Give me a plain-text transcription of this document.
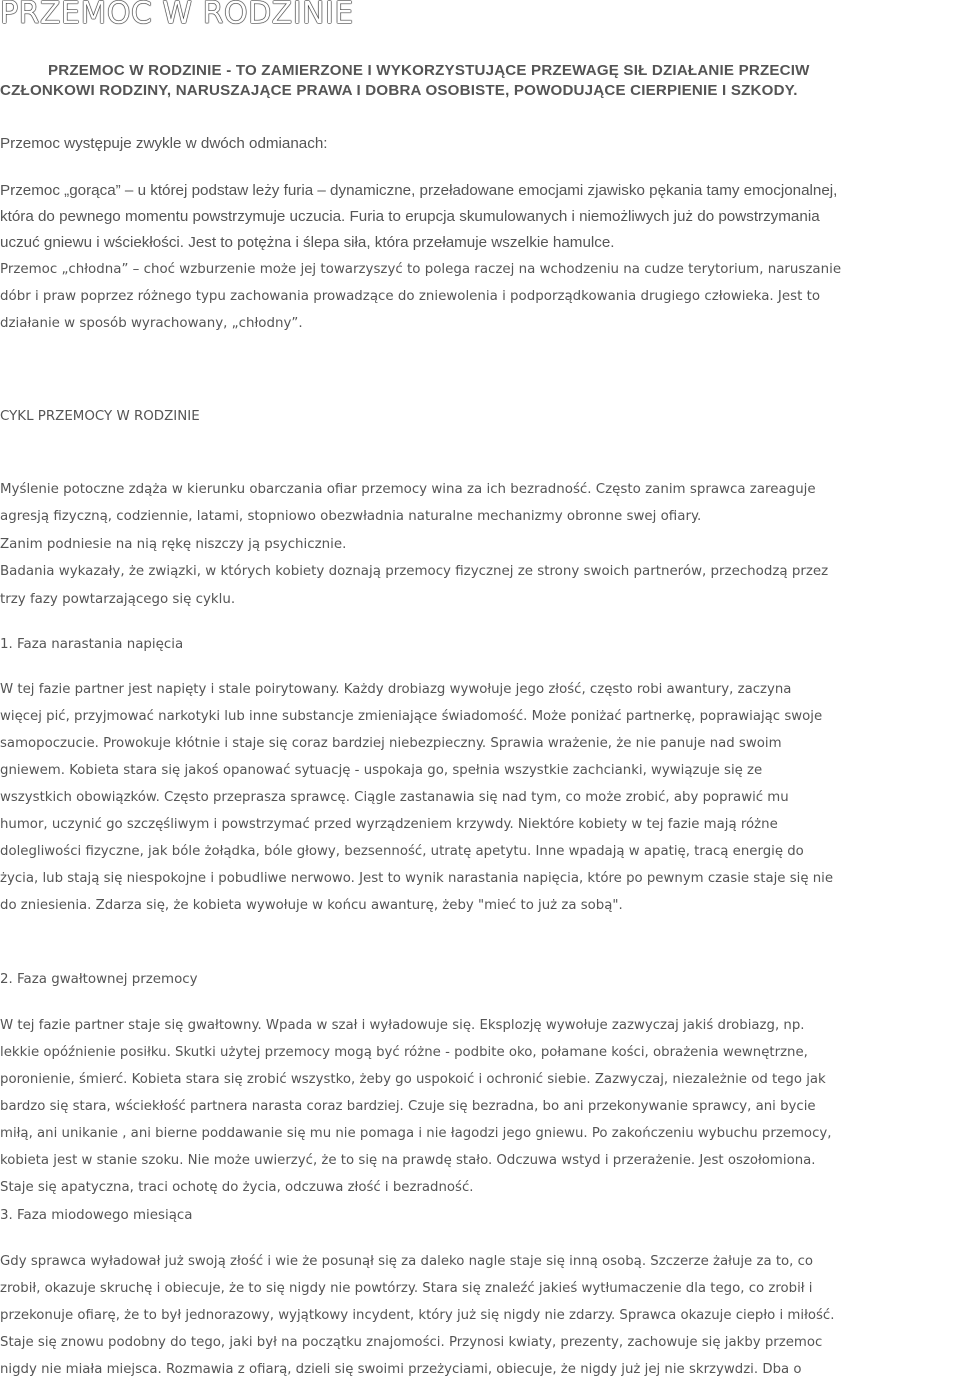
PRZEMOC W RODZINIE
PRZEMOC W RODZINIE - TO ZAMIERZONE I WYKORZYSTUJĄCE PRZEWAGĘ SIŁ DZIAŁANIE PRZECIW
CZŁONKOWI RODZINY, NARUSZAJĄCE PRAWA I DOBRA OSOBISTE, POWODUJĄCE CIERPIENIE I SZKODY.
Przemoc występuje zwykle w dwóch odmianach:
Przemoc „gorąca” – u której podstaw leży furia – dynamiczne, przeładowane emocjami zjawisko pękania tamy emocjonalnej,
która do pewnego momentu powstrzymuje uczucia. Furia to erupcja skumulowanych i niemożliwych już do powstrzymania
uczuć gniewu i wściekłości. Jest to potężna i ślepa siła, która przełamuje wszelkie hamulce.
Przemoc „chłodna” – choć wzburzenie może jej towarzyszyć to polega raczej na wchodzeniu na cudze terytorium, naruszanie
dóbr i praw poprzez różnego typu zachowania prowadzące do zniewolenia i podporządkowania drugiego człowieka. Jest to
działanie w sposób wyrachowany, „chłodny”.
CYKL PRZEMOCY W RODZINIE
Myślenie potoczne zdąża w kierunku obarczania ofiar przemocy wina za ich bezradność. Często zanim sprawca zareaguje
agresją fizyczną, codziennie, latami, stopniowo obezwładnia naturalne mechanizmy obronne swej ofiary.
Zanim podniesie na nią rękę niszczy ją psychicznie.
Badania wykazały, że związki, w których kobiety doznają przemocy fizycznej ze strony swoich partnerów, przechodzą przez
trzy fazy powtarzającego się cyklu.
1. Faza narastania napięcia
W tej fazie partner jest napięty i stale poirytowany. Każdy drobiazg wywołuje jego złość, często robi awantury, zaczyna
więcej pić, przyjmować narkotyki lub inne substancje zmieniające świadomość. Może poniżać partnerkę, poprawiając swoje
samopoczucie. Prowokuje kłótnie i staje się coraz bardziej niebezpieczny. Sprawia wrażenie, że nie panuje nad swoim
gniewem. Kobieta stara się jakoś opanować sytuację - uspokaja go, spełnia wszystkie zachcianki, wywiązuje się ze
wszystkich obowiązków. Często przeprasza sprawcę. Ciągle zastanawia się nad tym, co może zrobić, aby poprawić mu
humor, uczynić go szczęśliwym i powstrzymać przed wyrządzeniem krzywdy. Niektóre kobiety w tej fazie mają różne
dolegliwości fizyczne, jak bóle żołądka, bóle głowy, bezsenność, utratę apetytu. Inne wpadają w apatię, tracą energię do
życia, lub stają się niespokojne i pobudliwe nerwowo. Jest to wynik narastania napięcia, które po pewnym czasie staje się nie
do zniesienia. Zdarza się, że kobieta wywołuje w końcu awanturę, żeby "mieć to już za sobą".
2. Faza gwałtownej przemocy
W tej fazie partner staje się gwałtowny. Wpada w szał i wyładowuje się. Eksplozję wywołuje zazwyczaj jakiś drobiazg, np.
lekkie opóźnienie posiłku. Skutki użytej przemocy mogą być różne - podbite oko, połamane kości, obrażenia wewnętrzne,
poronienie, śmierć. Kobieta stara się zrobić wszystko, żeby go uspokoić i ochronić siebie. Zazwyczaj, niezależnie od tego jak
bardzo się stara, wściekłość partnera narasta coraz bardziej. Czuje się bezradna, bo ani przekonywanie sprawcy, ani bycie
miłą, ani unikanie , ani bierne poddawanie się mu nie pomaga i nie łagodzi jego gniewu. Po zakończeniu wybuchu przemocy,
kobieta jest w stanie szoku. Nie może uwierzyć, że to się na prawdę stało. Odczuwa wstyd i przerażenie. Jest oszołomiona.
Staje się apatyczna, traci ochotę do życia, odczuwa złość i bezradność.
3. Faza miodowego miesiąca
Gdy sprawca wyładował już swoją złość i wie że posunął się za daleko nagle staje się inną osobą. Szczerze żałuje za to, co
zrobił, okazuje skruchę i obiecuje, że to się nigdy nie powtórzy. Stara się znaleźć jakieś wytłumaczenie dla tego, co zrobił i
przekonuje ofiarę, że to był jednorazowy, wyjątkowy incydent, który już się nigdy nie zdarzy. Sprawca okazuje ciepło i miłość.
Staje się znowu podobny do tego, jaki był na początku znajomości. Przynosi kwiaty, prezenty, zachowuje się jakby przemoc
nigdy nie miała miejsca. Rozmawia z ofiarą, dzieli się swoimi przeżyciami, obiecuje, że nigdy już jej nie skrzywdzi. Dba o
